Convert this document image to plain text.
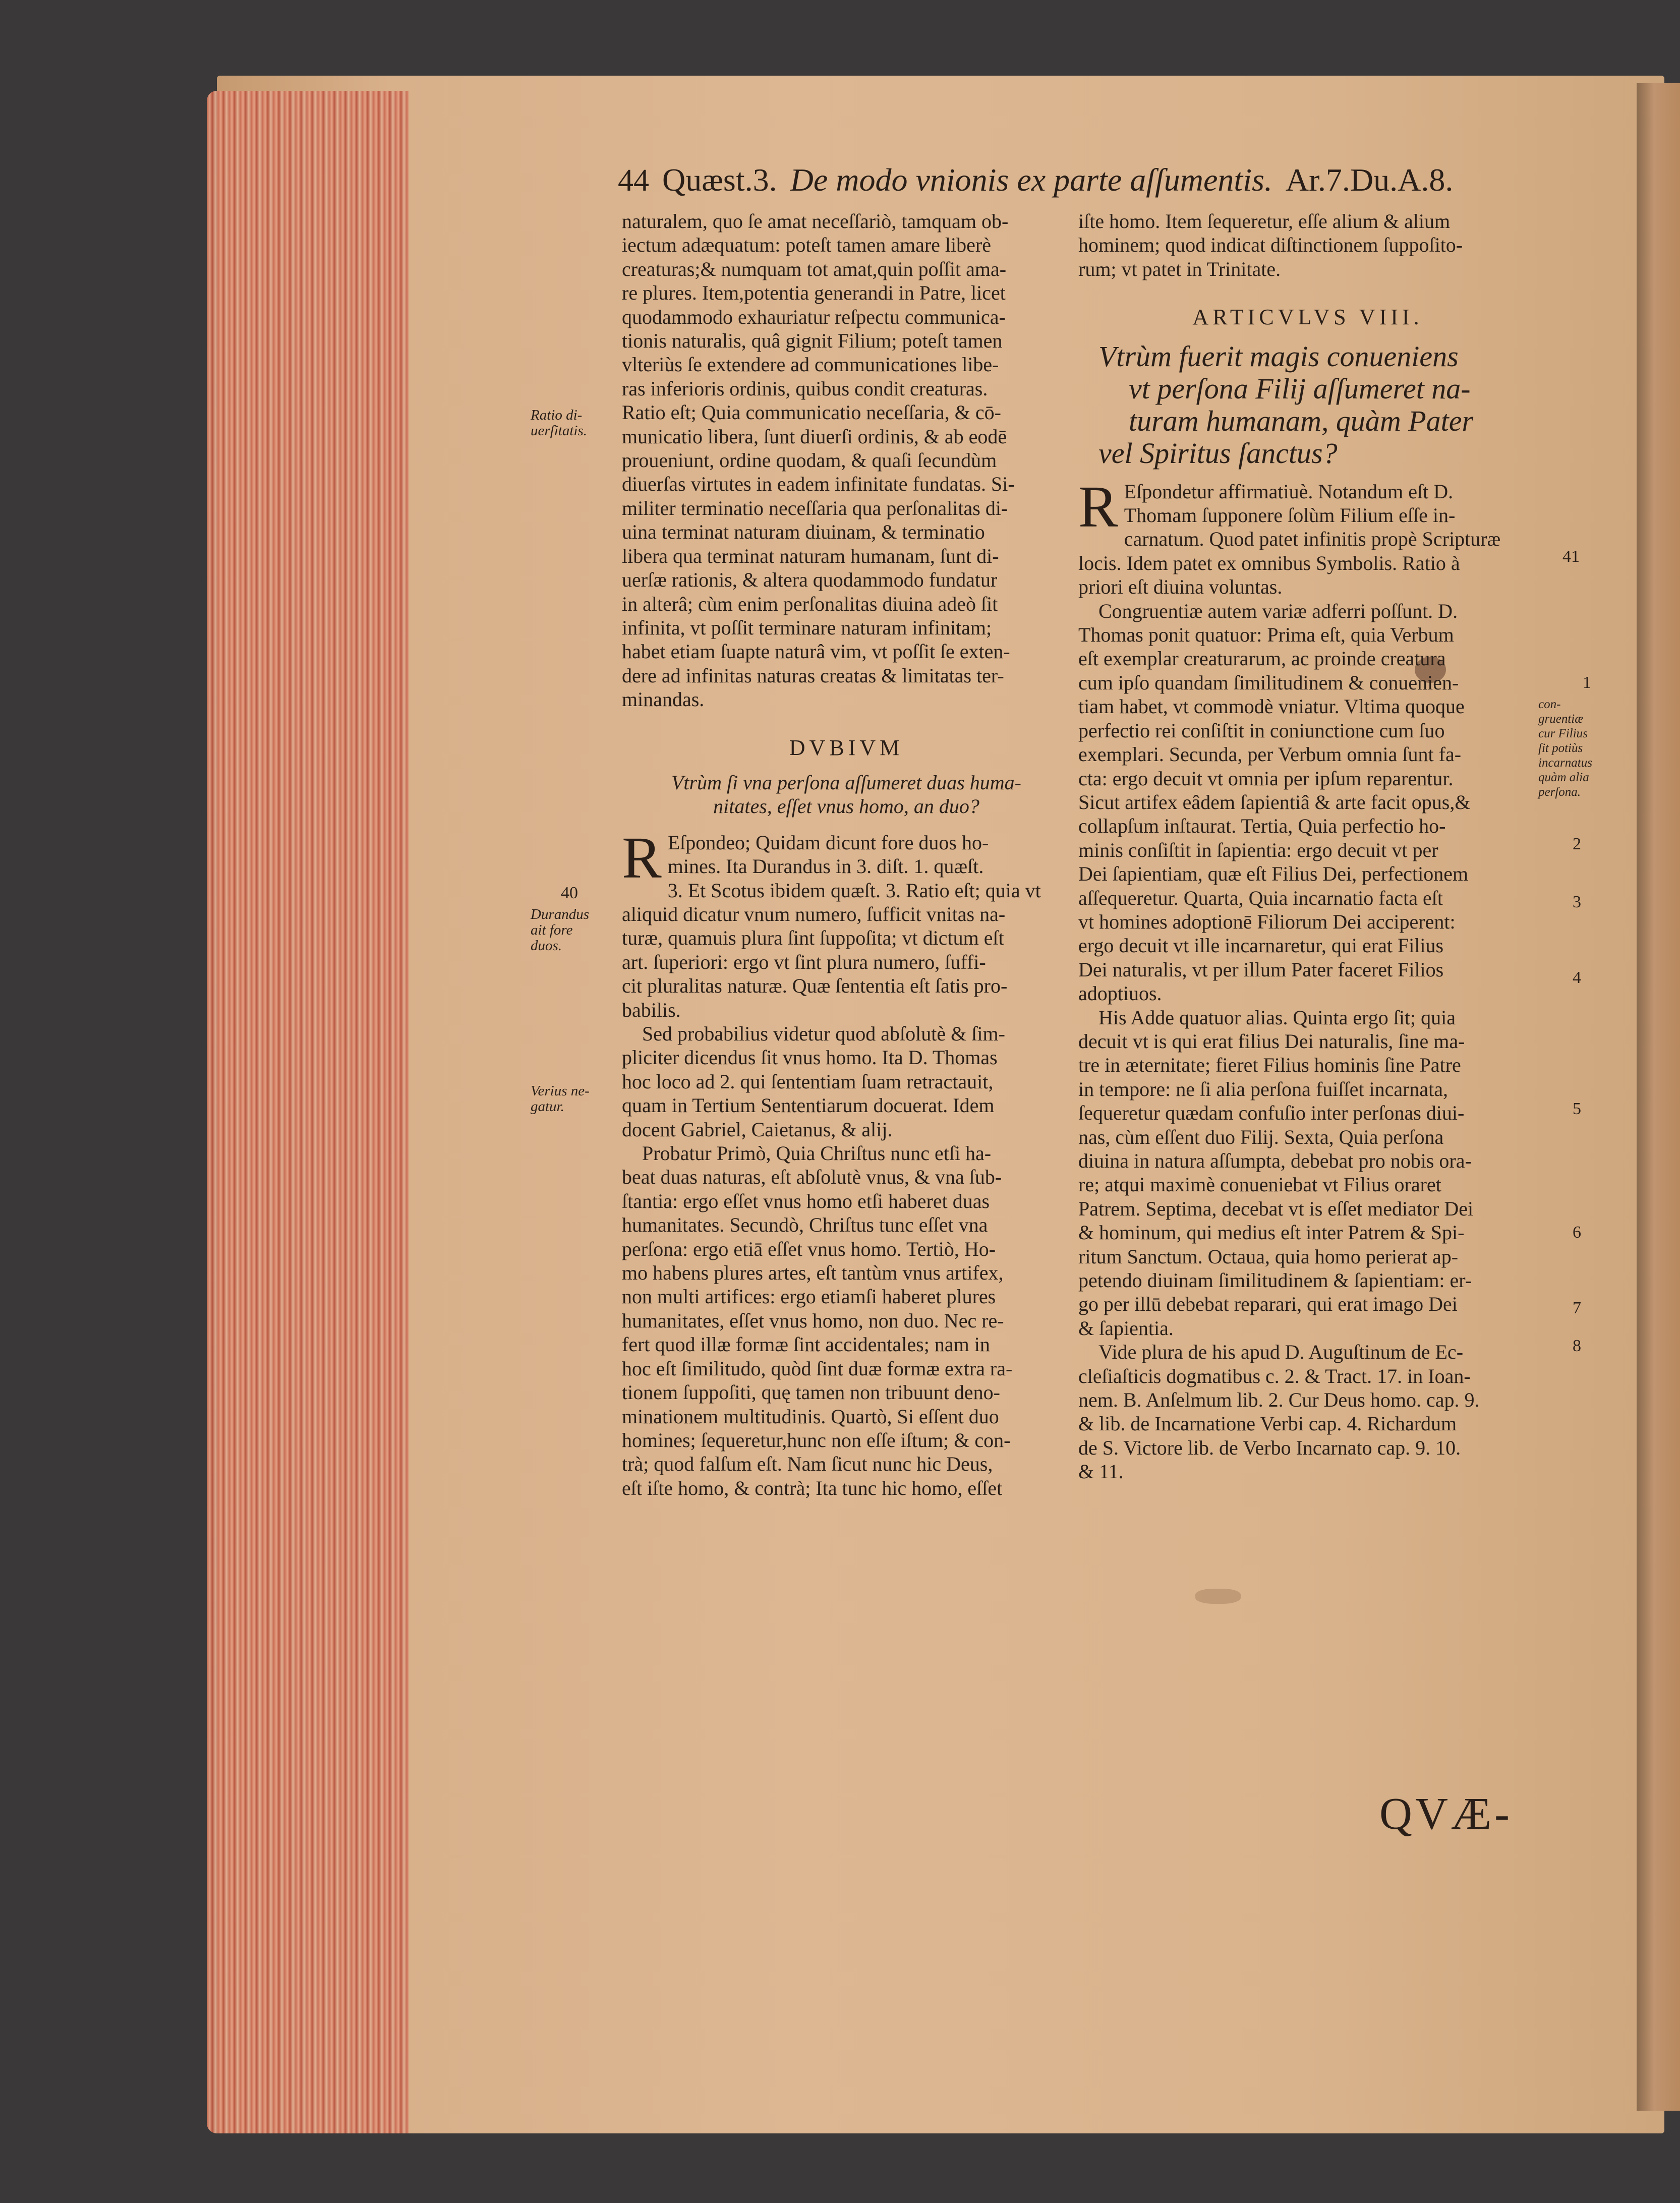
44 Quæst.3. De modo vnionis ex parte aſſumentis. Ar.7.Du.A.8.
naturalem, quo ſe amat neceſſariò, tamquam ob-
iectum adæquatum: poteſt tamen amare liberè
creaturas;& numquam tot amat,quin poſſit ama-
re plures. Item,potentia generandi in Patre, licet
quodammodo exhauriatur reſpectu communica-
tionis naturalis, quâ gignit Filium; poteſt tamen
vlteriùs ſe extendere ad communicationes libe-
ras inferioris ordinis, quibus condit creaturas.
Ratio eſt; Quia communicatio neceſſaria, & cō-
municatio libera, ſunt diuerſi ordinis, & ab eodē
proueniunt, ordine quodam, & quaſi ſecundùm
diuerſas virtutes in eadem infinitate fundatas. Si-
militer terminatio neceſſaria qua perſonalitas di-
uina terminat naturam diuinam, & terminatio
libera qua terminat naturam humanam, ſunt di-
uerſæ rationis, & altera quodammodo fundatur
in alterâ; cùm enim perſonalitas diuina adeò ſit
infinita, vt poſſit terminare naturam infinitam;
habet etiam ſuapte naturâ vim, vt poſſit ſe exten-
dere ad infinitas naturas creatas & limitatas ter-
minandas.
DVBIVM
Vtrùm ſi vna perſona aſſumeret duas huma-
nitates, eſſet vnus homo, an duo?
R Eſpondeo; Quidam dicunt fore duos ho-
mines. Ita Durandus in 3. diſt. 1. quæſt.
3. Et Scotus ibidem quæſt. 3. Ratio eſt; quia vt
aliquid dicatur vnum numero, ſufficit vnitas na-
turæ, quamuis plura ſint ſuppoſita; vt dictum eſt
art. ſuperiori: ergo vt ſint plura numero, ſuffi-
cit pluralitas naturæ. Quæ ſententia eſt ſatis pro-
babilis.
Sed probabilius videtur quod abſolutè & ſim-
pliciter dicendus ſit vnus homo. Ita D. Thomas
hoc loco ad 2. qui ſententiam ſuam retractauit,
quam in Tertium Sententiarum docuerat. Idem
docent Gabriel, Caietanus, & alij.
Probatur Primò, Quia Chriſtus nunc etſi ha-
beat duas naturas, eſt abſolutè vnus, & vna ſub-
ſtantia: ergo eſſet vnus homo etſi haberet duas
humanitates. Secundò, Chriſtus tunc eſſet vna
perſona: ergo etiā eſſet vnus homo. Tertiò, Ho-
mo habens plures artes, eſt tantùm vnus artifex,
non multi artifices: ergo etiamſi haberet plures
humanitates, eſſet vnus homo, non duo. Nec re-
fert quod illæ formæ ſint accidentales; nam in
hoc eſt ſimilitudo, quòd ſint duæ formæ extra ra-
tionem ſuppoſiti, quę tamen non tribuunt deno-
minationem multitudinis. Quartò, Si eſſent duo
homines; ſequeretur,hunc non eſſe iſtum; & con-
trà; quod falſum eſt. Nam ſicut nunc hic Deus,
eſt iſte homo, & contrà; Ita tunc hic homo, eſſet
iſte homo. Item ſequeretur, eſſe alium & alium
hominem; quod indicat diſtinctionem ſuppoſito-
rum; vt patet in Trinitate.
ARTICVLVS VIII.
Vtrùm fuerit magis conueniens
vt perſona Filij aſſumeret na-
turam humanam, quàm Pater
vel Spiritus ſanctus?
R Eſpondetur affirmatiuè. Notandum eſt D.
Thomam ſupponere ſolùm Filium eſſe in-
carnatum. Quod patet infinitis propè Scripturæ
locis. Idem patet ex omnibus Symbolis. Ratio à
priori eſt diuina voluntas.
Congruentiæ autem variæ adferri poſſunt. D.
Thomas ponit quatuor: Prima eſt, quia Verbum
eſt exemplar creaturarum, ac proinde creatura
cum ipſo quandam ſimilitudinem & conuenien-
tiam habet, vt commodè vniatur. Vltima quoque
perfectio rei conſiſtit in coniunctione cum ſuo
exemplari. Secunda, per Verbum omnia ſunt fa-
cta: ergo decuit vt omnia per ipſum reparentur.
Sicut artifex eâdem ſapientiâ & arte facit opus,&
collapſum inſtaurat. Tertia, Quia perfectio ho-
minis conſiſtit in ſapientia: ergo decuit vt per
Dei ſapientiam, quæ eſt Filius Dei, perfectionem
aſſequeretur. Quarta, Quia incarnatio facta eſt
vt homines adoptionē Filiorum Dei acciperent:
ergo decuit vt ille incarnaretur, qui erat Filius
Dei naturalis, vt per illum Pater faceret Filios
adoptiuos.
His Adde quatuor alias. Quinta ergo ſit; quia
decuit vt is qui erat filius Dei naturalis, ſine ma-
tre in æternitate; fieret Filius hominis ſine Patre
in tempore: ne ſi alia perſona fuiſſet incarnata,
ſequeretur quædam confuſio inter perſonas diui-
nas, cùm eſſent duo Filij. Sexta, Quia perſona
diuina in natura aſſumpta, debebat pro nobis ora-
re; atqui maximè conueniebat vt Filius oraret
Patrem. Septima, decebat vt is eſſet mediator Dei
& hominum, qui medius eſt inter Patrem & Spi-
ritum Sanctum. Octaua, quia homo perierat ap-
petendo diuinam ſimilitudinem & ſapientiam: er-
go per illū debebat reparari, qui erat imago Dei
& ſapientia.
Vide plura de his apud D. Auguſtinum de Ec-
cleſiaſticis dogmatibus c. 2. & Tract. 17. in Ioan-
nem. B. Anſelmum lib. 2. Cur Deus homo. cap. 9.
& lib. de Incarnatione Verbi cap. 4. Richardum
de S. Victore lib. de Verbo Incarnato cap. 9. 10.
& 11.
Ratio di-
uerſitatis.
40
Durandus
ait fore
duos.
Verius ne-
gatur.
41
1
con-
gruentiæ
cur Filius
ſit potiùs
incarnatus
quàm alia
perſona.
2
3
4
5
6
7
8
QVÆ-
